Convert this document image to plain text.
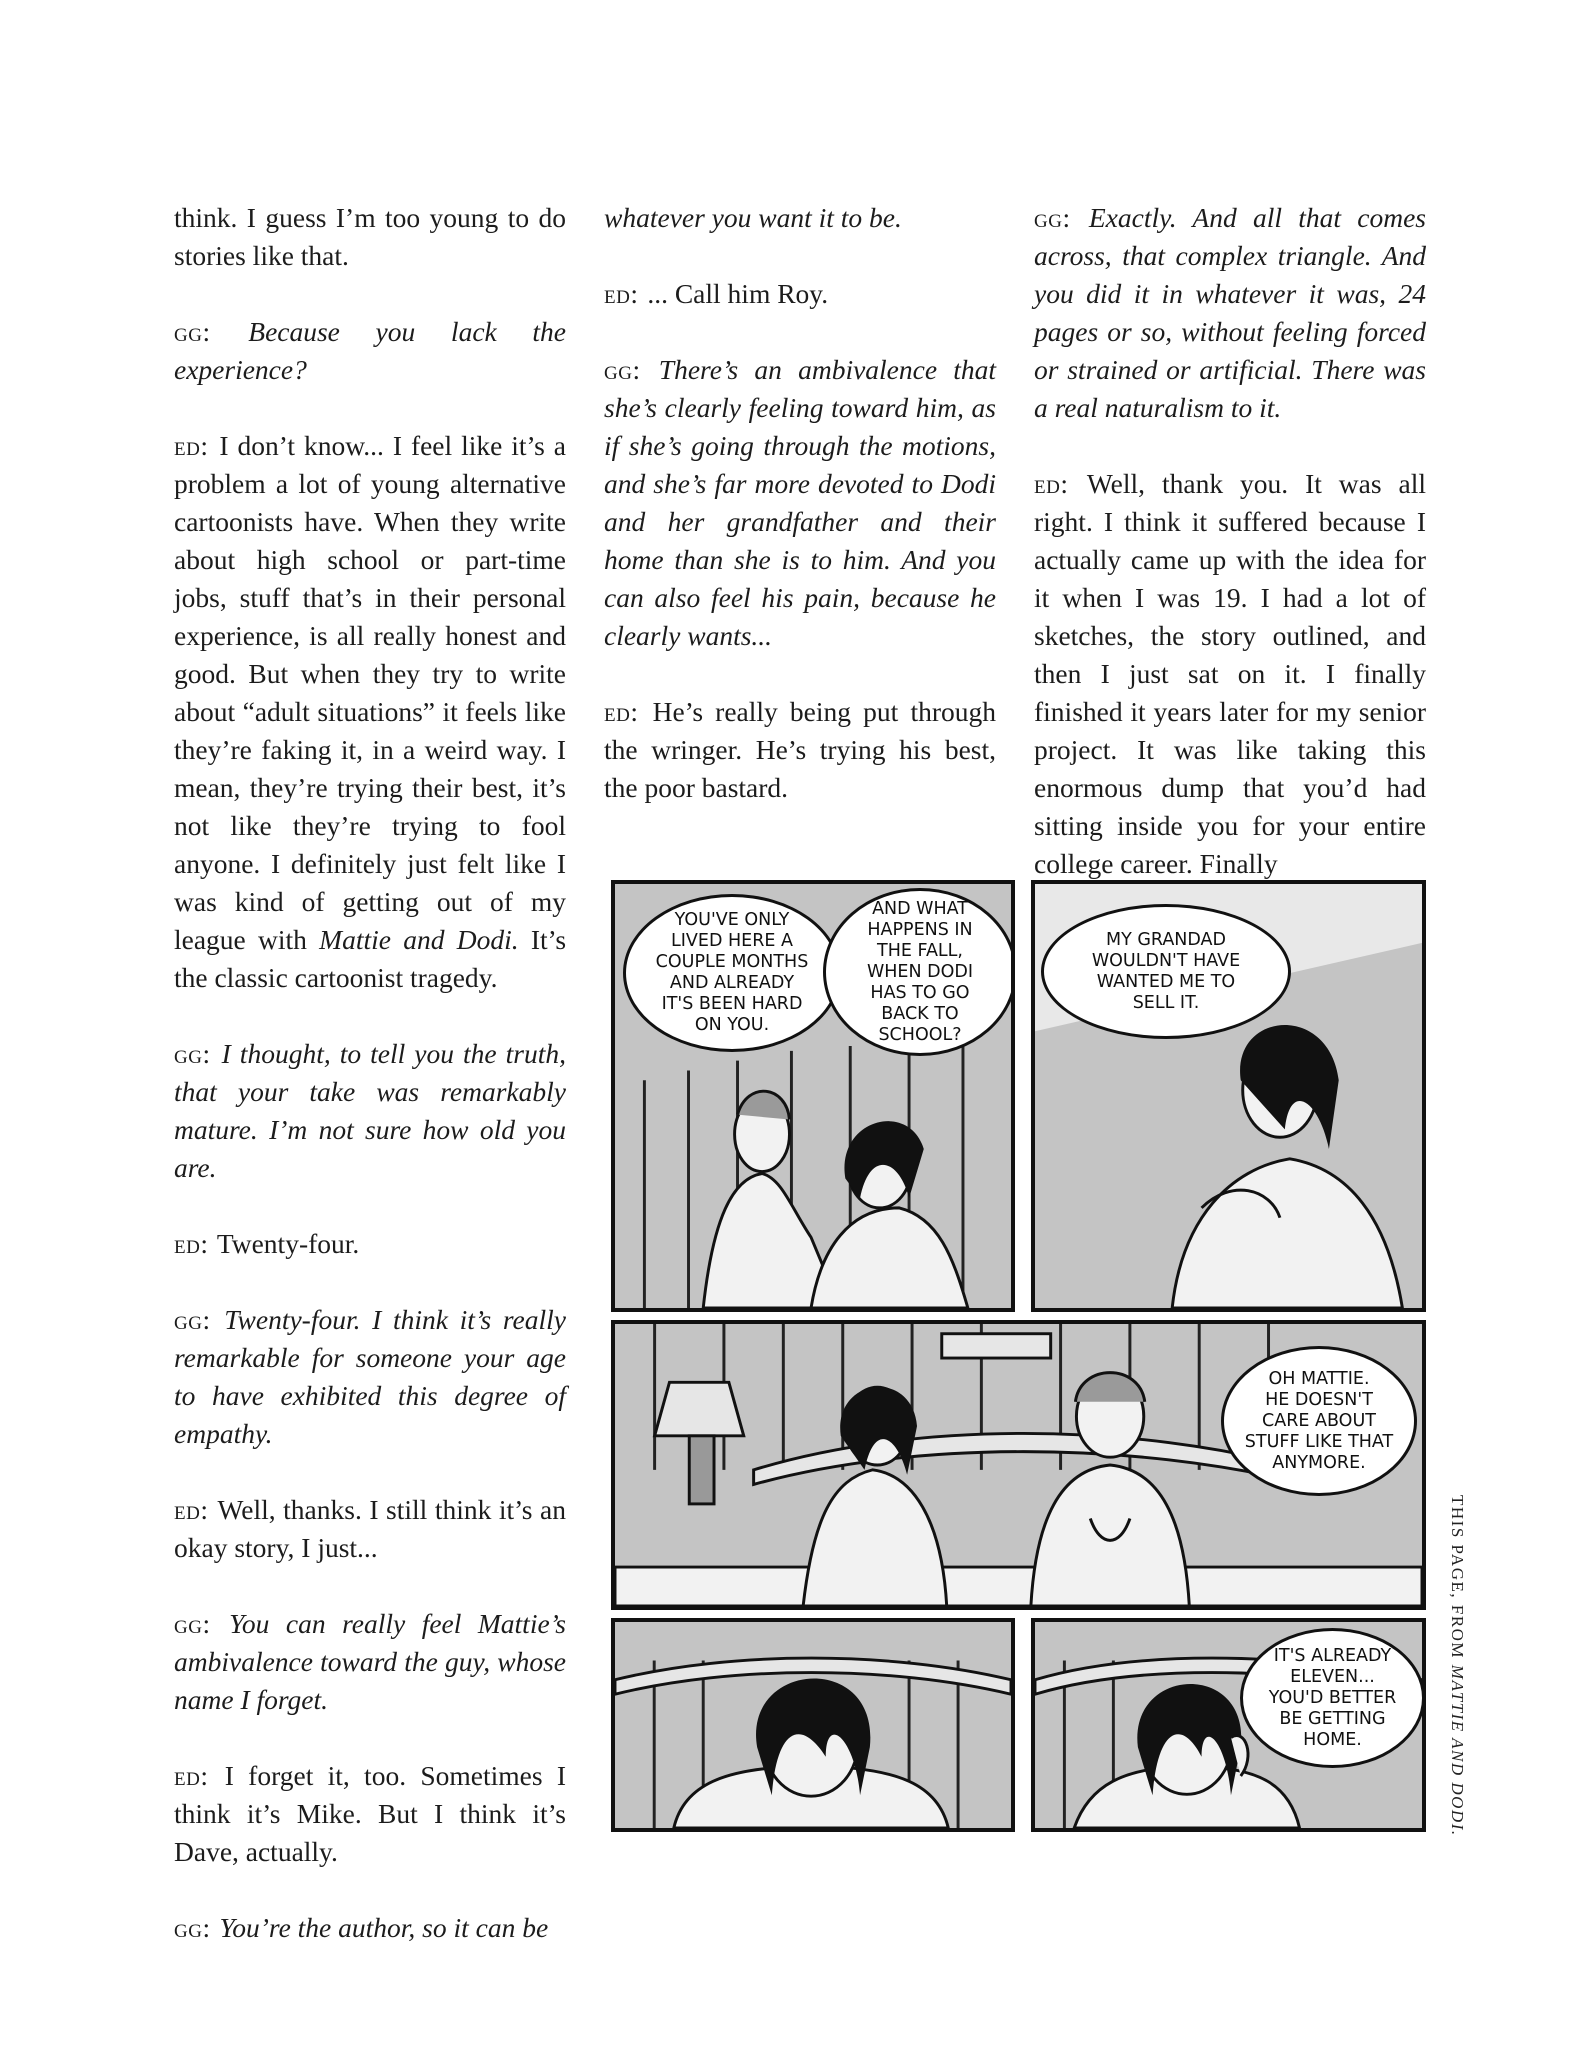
think. I guess I’m too young to do stories like that.

gg: Because you lack the experience?

ed: I don’t know... I feel like it’s a problem a lot of young alternative cartoonists have. When they write about high school or part-time jobs, stuff that’s in their personal experience, is all really honest and good. But when they try to write about “adult situations” it feels like they’re faking it, in a weird way. I mean, they’re trying their best, it’s not like they’re trying to fool anyone. I definitely just felt like I was kind of getting out of my league with Mattie and Dodi. It’s the classic cartoonist tragedy.

gg: I thought, to tell you the truth, that your take was remarkably mature. I’m not sure how old you are.

ed: Twenty-four.

gg: Twenty-four. I think it’s really remarkable for someone your age to have exhibited this degree of empathy.

ed: Well, thanks. I still think it’s an okay story, I just...

gg: You can really feel Mattie’s ambivalence toward the guy, whose name I forget.

ed: I forget it, too. Sometimes I think it’s Mike. But I think it’s Dave, actually.

gg: You’re the author, so it can be

whatever you want it to be.

ed: ... Call him Roy.

gg: There’s an ambivalence that she’s clearly feeling toward him, as if she’s going through the motions, and she’s far more devoted to Dodi and her grandfather and their home than she is to him. And you can also feel his pain, because he clearly wants...

ed: He’s really being put through the wringer. He’s trying his best, the poor bastard.

gg: Exactly. And all that comes across, that complex triangle. And you did it in whatever it was, 24 pages or so, without feeling forced or strained or artificial. There was a real naturalism to it.

ed: Well, thank you. It was all right. I think it suffered because I actually came up with the idea for it when I was 19. I had a lot of sketches, the story outlined, and then I just sat on it. I finally finished it years later for my senior project. It was like taking this enormous dump that you’d had sitting inside you for your entire college career. Finally

YOU'VE ONLY
LIVED HERE A
COUPLE MONTHS
AND ALREADY
IT'S BEEN HARD
ON YOU.
AND WHAT
HAPPENS IN
THE FALL,
WHEN DODI
HAS TO GO
BACK TO
SCHOOL?
MY GRANDAD
WOULDN'T HAVE
WANTED ME TO
SELL IT.
OH MATTIE.
HE DOESN'T
CARE ABOUT
STUFF LIKE THAT
ANYMORE.
IT'S ALREADY
ELEVEN...
YOU'D BETTER
BE GETTING
HOME.
THIS PAGE, FROM MATTIE AND DODI.
